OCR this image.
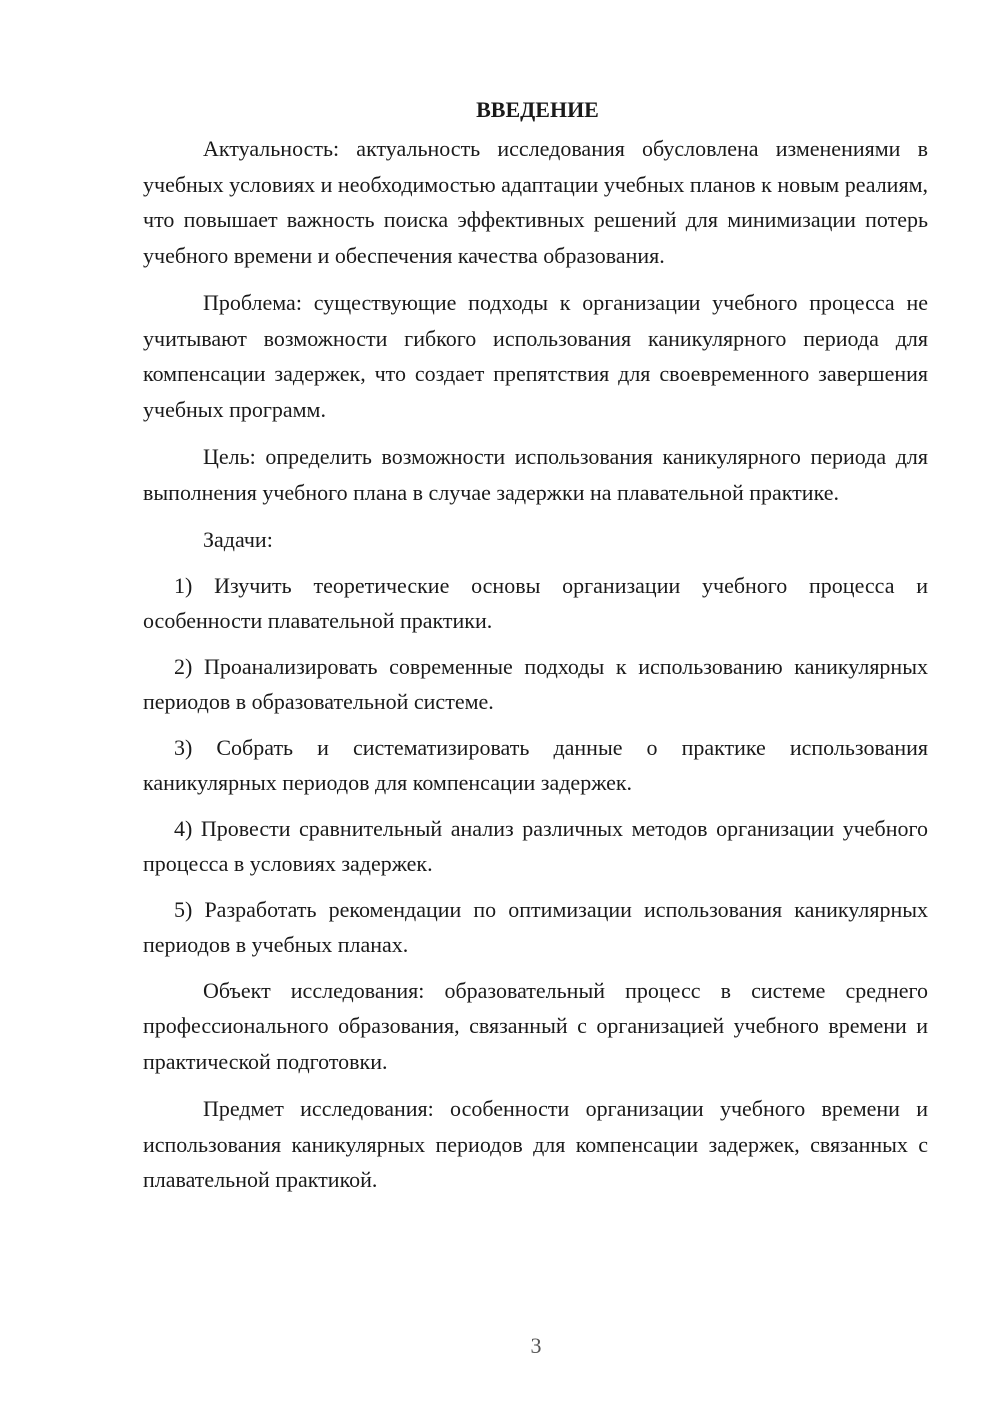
ВВЕДЕНИЕ

Актуальность: актуальность исследования обусловлена изменениями в учебных условиях и необходимостью адаптации учебных планов к новым реалиям, что повышает важность поиска эффективных решений для минимизации потерь учебного времени и обеспечения качества образования.

Проблема: существующие подходы к организации учебного процесса не учитывают возможности гибкого использования каникулярного периода для компенсации задержек, что создает препятствия для своевременного завершения учебных программ.

Цель: определить возможности использования каникулярного периода для выполнения учебного плана в случае задержки на плавательной практике.

Задачи:

1) Изучить теоретические основы организации учебного процесса и особенности плавательной практики.

2) Проанализировать современные подходы к использованию каникулярных периодов в образовательной системе.

3) Собрать и систематизировать данные о практике использования каникулярных периодов для компенсации задержек.

4) Провести сравнительный анализ различных методов организации учебного процесса в условиях задержек.

5) Разработать рекомендации по оптимизации использования каникулярных периодов в учебных планах.

Объект исследования: образовательный процесс в системе среднего профессионального образования, связанный с организацией учебного времени и практической подготовки.

Предмет исследования: особенности организации учебного времени и использования каникулярных периодов для компенсации задержек, связанных с плавательной практикой.

3
